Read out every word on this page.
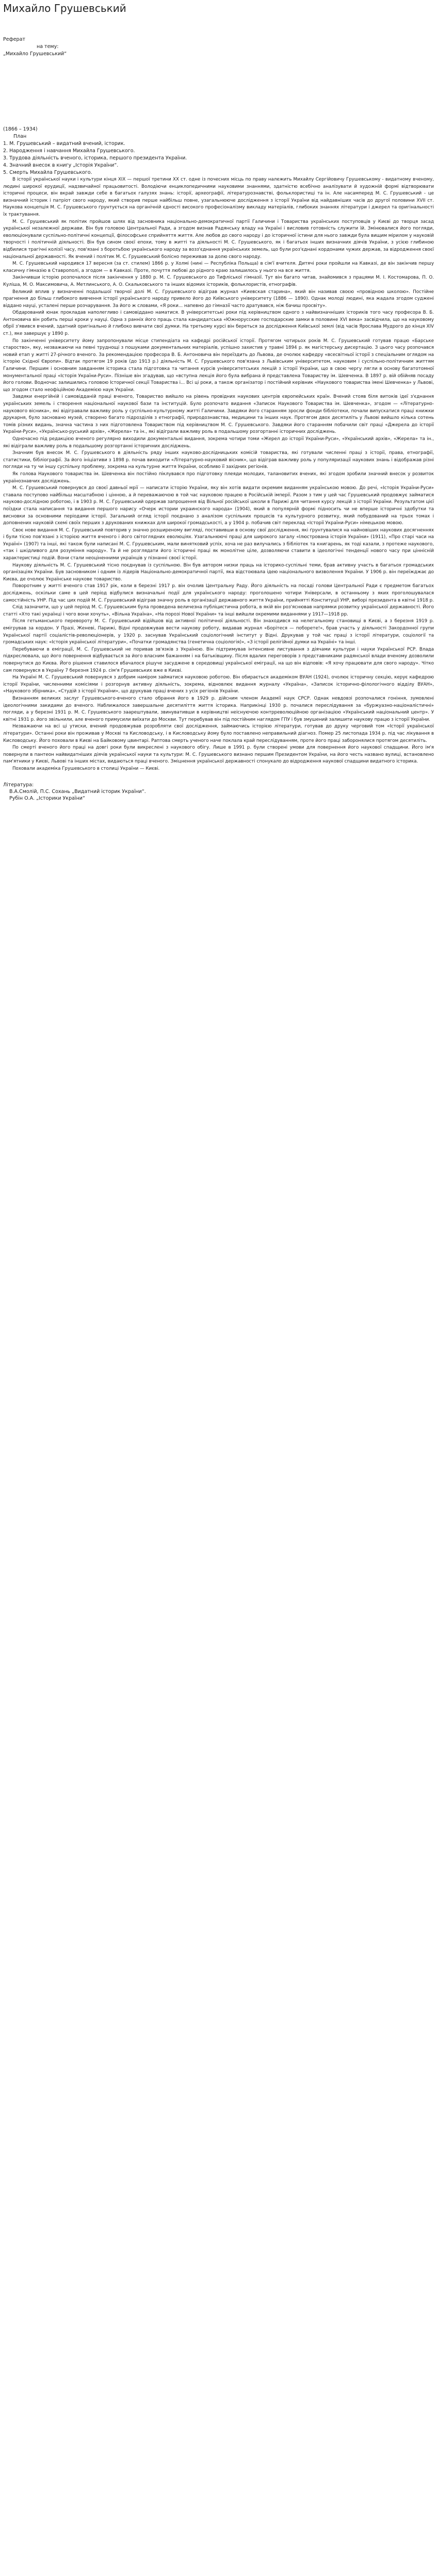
Михайло Грушевський
Реферат
на тему:
„Михайло Грушевський“
(1866 – 1934)
План
1. М. Грушевський – видатний вчений, історик.
2. Народження і навчання Михайла Грушевського.
3. Трудова діяльність вченого, історика, першого президента України.
4. Значний внесок в книгу „Історія України“.
5. Смерть Михайла Грушевського.

В історії української науки і культури кінця XIX — першої третини XX ст. одне із почесних місць по праву належить Михайлу Сергійовичу Грушевському - видатному вченому, людині широкої ерудиції, надзвичайної працьовитості. Володіючи енциклопедичними науковими знаннями, здатністю всебічно аналізувати й художній формі відтворювати історичні процеси, він вкрай завжди себе в багатьох галузях знань: історії, археографії, літературознавстві, фольклористиці та ін. Але насамперед М. С. Грушевський - це визначний історик і патріот свого народу, який створив перше найбільш повне, узагальнююче дослідження з історії України від найдавніших часів до другої половини XVII ст. Наукова концепція М. С. Грушевського ґрунтується на органічній єдності високого професіоналізму викладу матеріалів, глибоких знаннях літератури і джерел та оригінальності їх трактування.

М. С. Грушевський як політик пройшов шлях від засновника національно-демократичної партії Галичини і Товариства українських поступовців у Києві до творця засад української незалежної держави. Він був головою Центральної Ради, а згодом визнав Радянську владу на Україні і висловив готовність служити їй. Змінювалися його погляди, еволюціонували суспільно-політичні концепції, філософське сприйняття життя. Але любов до свого народу і до історичної істини для нього завжди була вищим мірилом у науковій творчості і політичній діяльності. Він був сином своєї епохи, тому в житті та діяльності М. С. Грушевського, як і багатьох інших визначних діячів України, з усією глибиною відбилися трагічні колізії часу, пов'язані з боротьбою українського народу за возз'єднання українських земель, що були роз'єднані кордонами чужих держав, за відродження своєї національної державності. Як вчений і політик М. С. Грушевський болісно переживав за долю свого народу.

М. С. Грушевський народився 17 вересня (за ст. стилем) 1866 р. у Холмі (нині — Республіка Польща) в сім'ї вчителя. Дитячі роки пройшли на Кавказі, де він закінчив першу класичну гімназію в Ставрополі, а згодом — в Кавказі. Проте, почуття любові до рідного краю залишилось у нього на все життя.

Закінчивши історію розпочалося після закінчення у 1880 р. М. С. Грушевського до Тифліської гімназії. Тут він багато читав, знайомився з працями М. І. Костомарова, П. О. Куліша, М. О. Максимовича, А. Метлинського, А. О. Скальковського та інших відомих істориків, фольклористів, етнографів.

Великий вплив у визначенні подальшої творчої долі М. С. Грушевського відіграв журнал «Киевская старина», який він називав своєю «провідною школою». Постійне прагнення до більш глибокого вивчення історії українського народу привело його до Київського університету (1886 — 1890). Однак молоді людині, яка жадала згодом суджені віддано науці, усталені перше розчарування. За його ж словами, «Я роки... напевно до гімназії часто дратувався, ніж бачиш просвіту».

Обдарований юнак прокладав наполегливо і самовіддано наматися. В університетські роки під керівництвом одного з найвизначніших істориків того часу професора В. Б. Антоновича він робить перші кроки у науці. Одна з ранніх його праць стала кандидатська «Южнорусские господарские замки в половине XVI века» засвідчила, що на науковому обрії з'явився вчений, здатний оригінально й глибоко вивчати свої думки. На третьому курсі він береться за дослідження Київської землі (від часів Ярослава Мудрого до кінця XIV ст.), яке завершує у 1890 р.

По закінченні університету йому запропонували місце стипендіата на кафедрі російської історії. Протягом чотирьох років М. С. Грушевський готував працю «Барське староство», яку, незважаючи на певні труднощі з пошуками документальних матеріалів, успішно захистив у травні 1894 р. як магістерську дисертацію. З цього часу розпочався новий етап у житті 27-річного вченого. За рекомендацією професора В. Б. Антоновича він переїздить до Львова, де очолює кафедру «всесвітньої історії з спеціальним оглядом на історію Східної Європи». Відтак протягом 19 років (до 1913 р.) діяльність М. С. Грушевського пов'язана з Львівським університетом, науковим і суспільно-політичним життям Галичини. Першим і основним завданням історика стала підготовка та читання курсів університетських лекцій з історії України, що в свою чергу лягли в основу багатотомної монументальної праці «Історія України-Руси». Пізніше він згадував, що «вступна лекція його була вибрана й представлена Товариству ім. Шевченка. В 1897 р. вій обійняв посаду його голови. Водночас залишились головою Історичної секції Товариства і... Всі ці роки, а також організатор і постійний керівник «Наукового товариства імені Шевченка» у Львові, що згодом стало неофіційною Академією наук України.

Завдяки енергійній і самовідданій праці вченого, Товариство вийшло на рівень провідних наукових центрів європейських країн. Вчений стояв біля витоків ідеї з'єднання українських земель і створення національної наукової бази та інституцій. Було розпочато видання «Записок Наукового Товариства ім. Шевченка», згодом — «Літературно-наукового вісника», які відігравали важливу роль у суспільно-культурному житті Галичини. Завдяки його старанням зросли фонди бібліотеки, почали випускатися праці книжки друкарня, було засновано музей, створено багато підрозділів з етнографії, природознавства, медицини та інших наук. Протягом двох десятиліть у Львові вийшло кілька сотень томів різних видань, значна частина з них підготовлена Товариством під керівництвом М. С. Грушевського. Завдяки його старанням побачили світ праці «Джерела до історії України-Руси», «Українсько-руський архів», «Жерела» та ін., які відіграли важливу роль в подальшому розгортанні історичних досліджень.

Одночасно під редакцією вченого регулярно виходили документальні видання, зокрема чотири томи «Жерел до історії України-Руси», «Український архів», «Жерела» та ін., які відіграли важливу роль в подальшому розгортанні історичних досліджень.

Значним був внесок М. С. Грушевського в діяльність ряду інших науково-дослідницьких комісій товариства, які готували численні праці з історії, права, етнографії, статистики, бібліографії. За його ініціативи з 1898 р. почав виходити «Літературно-науковий вісник», що відіграв важливу роль у популяризації наукових знань і відображав різні погляди на ту чи іншу суспільну проблему, зокрема на культурне життя України, особливо її західних регіонів.

Як голова Наукового товариства ім. Шевченка він постійно піклувався про підготовку плеяди молодих, талановитих вчених, які згодом зробили значний внесок у розвиток українознавчих досліджень.

М. С. Грушевський повернувся до своєї давньої мрії — написати історію України, яку він хотів видати окремим виданням українською мовою. До речі, «Історія України-Руси» ставала поступово найбільш масштабною і цінною, а й переважаючою в той час науковою працею в Російській імперії. Разом з тим у цей час Грушевський продовжує займатися науково-дослідною роботою, і в 1903 р. М. С. Грушевський одержав запрошення від Вільної російської школи в Парижі для читання курсу лекцій з історії України. Результатом цієї поїздки стала написання та видання першого нарису «Очерк истории украинского народа» (1904), який в популярній формі підносить чи не вперше історичні здобутки та висновки за основними періодами історії. Загальний огляд історії поєднано з аналізом суспільних процесів та культурного розвитку, який побудований на трьох томах і доповнених науковій схемі своїх перших з друкованих книжках для широкої громадськості, а у 1904 р. побачив світ переклад «Історії України-Руси» німецькою мовою.

Своє нове видання М. С. Грушевський повторив у значно розширеному вигляді, поставивши в основу свої дослідження, які ґрунтувалися на найновіших наукових досягненнях і були тісно пов'язані з історією життя вченого і його світоглядних еволюціях. Узагальнюючі праці для широкого загалу «Ілюстрована історія України» (1911), «Про старі часи на Україні» (1907) та інші, які також були написані М. С. Грушевським, мали винятковий успіх, хоча не раз вилучались з бібліотек та книгарень, як тоді казали, з протеже наукового, «так і шкідливого для розуміння народу». Та й не розглядати його історичні праці як монолітне ціле, дозволяючи ставити в ідеологічні тенденції нового часу при ціннісній характеристиці подій. Вони стали неоціненними українців у пізнанні своєї історії.

Наукову діяльність М. С. Грушевський тісно поєднував із суспільною. Він був автором низки праць на історико-суспільні теми, брав активну участь в багатьох громадських організаціях України. Був засновником і одним із лідерів Національно-демократичної партії, яка відстоювала ідею національного визволення України. У 1906 р. він переїжджає до Києва, де очолює Українське наукове товариство.

Поворотним у житті вченого став 1917 рік, коли в березні 1917 р. він очолив Центральну Раду. Його діяльність на посаді голови Центральної Ради є предметом багатьох досліджень, оскільки саме в цей період відбулися визначальні події для українського народу: проголошено чотири Універсали, в останньому з яких проголошувалася самостійність УНР. Під час цих подій М. С. Грушевський відіграв значну роль в організації державного життя України, прийнятті Конституції УНР, виборі президента в квітні 1918 р.

Слід зазначити, що у цей період М. С. Грушевським була проведена величезна публіцистична робота, в якій він роз'яснював напрямки розвитку української державності. Його статті «Хто такі українці і чого вони хочуть», «Вільна Україна», «На порозі Нової України» та інші вийшли окремими виданнями у 1917—1918 рр.

Після гетьманського перевороту М. С. Грушевський відійшов від активної політичної діяльності. Він знаходився на нелегальному становищі в Києві, а з березня 1919 р. емігрував за кордон. У Празі, Женеві, Парижі, Відні продовжував вести наукову роботу, видавав журнал «Борітеся — поборете!», брав участь у діяльності Закордонної групи Української партії соціалістів-революціонерів, у 1920 р. заснував Український соціологічний інститут у Відні. Друкував у той час праці з історії літератури, соціології та громадських наук: «Історія української літератури», «Початки громадянства (генетична соціологія)», «З історії релігійної думки на Україні» та інші.

Перебуваючи в еміграції, М. С. Грушевський не поривав зв'язків з Україною. Він підтримував інтенсивне листування з діячами культури і науки Української РСР. Влада підкреслювала, що його повернення відбувається за його власним бажанням і на батьківщину. Після вдалих переговорів з представниками радянської влади вченому дозволили повернутися до Києва. Його рішення ставилося вбачалося рішуче засуджене в середовищі української еміграції, на що він відповів: «Я хочу працювати для свого народу». Чітко сам повернувся в Україну 7 березня 1924 р. сім'я Грушевських вже в Києві.

На Україні М. С. Грушевський повернувся з добрим наміром займатися науковою роботою. Він обирається академіком ВУАН (1924), очолює історичну секцію, керує кафедрою історії України, численними комісіями і розгорнув активну діяльність, зокрема, відновлює видання журналу «Україна», «Записок історично-філологічного відділу ВУАН», «Наукового збірника», «Студій з історії України», що друкував праці вчених з усіх регіонів України.

Визнанням великих заслуг Грушевського-вченого стало обрання його в 1929 р. дійсним членом Академії наук СРСР. Однак невдовзі розпочалися гоніння, зумовлені ідеологічними закидами до вченого. Наближалося завершальне десятиліття життя історика. Наприкінці 1930 р. почалися переслідування за «буржуазно-націоналістичні» погляди, а у березні 1931 р. М. С. Грушевського заарештували, звинувативши в керівництві неіснуючою контрреволюційною організацією «Український національний центр». У квітні 1931 р. його звільнили, але вченого примусили виїхати до Москви. Тут перебував він під постійним наглядом ГПУ і був змушений залишити наукову працю з історії України.

Незважаючи на всі ці утиски, вчений продовжував розробляти свої дослідження, займаючись історією літератури, готував до друку черговий том «Історії української літератури». Останні роки він проживав у Москві та Кисловодську, і в Кисловодську йому було поставлено неправильний діагноз. Помер 25 листопада 1934 р. під час лікування в Кисловодську. Його поховали в Києві на Байковому цвинтарі. Раптова смерть ученого наче поклала край переслідуванням, проте його праці заборонялися протягом десятиліть.

По смерті вченого його праці на довгі роки були викреслені з наукового обігу. Лише в 1991 р. були створені умови для повернення його наукової спадщини. Його ім'я повернули в пантеон найвидатніших діячів української науки та культури: М. С. Грушевського визнано першим Президентом України, на його честь названо вулиці, встановлено пам'ятники у Києві, Львові та інших містах, видаються праці вченого. Зміцнення української державності спонукало до відродження наукової спадщини видатного історика.

Поховали академіка Грушевського в столиці України — Києві.

Література:
В.А.Смолій, П.С. Сохань „Видатний історик України“.
Рубін О.А. „Історики України“
